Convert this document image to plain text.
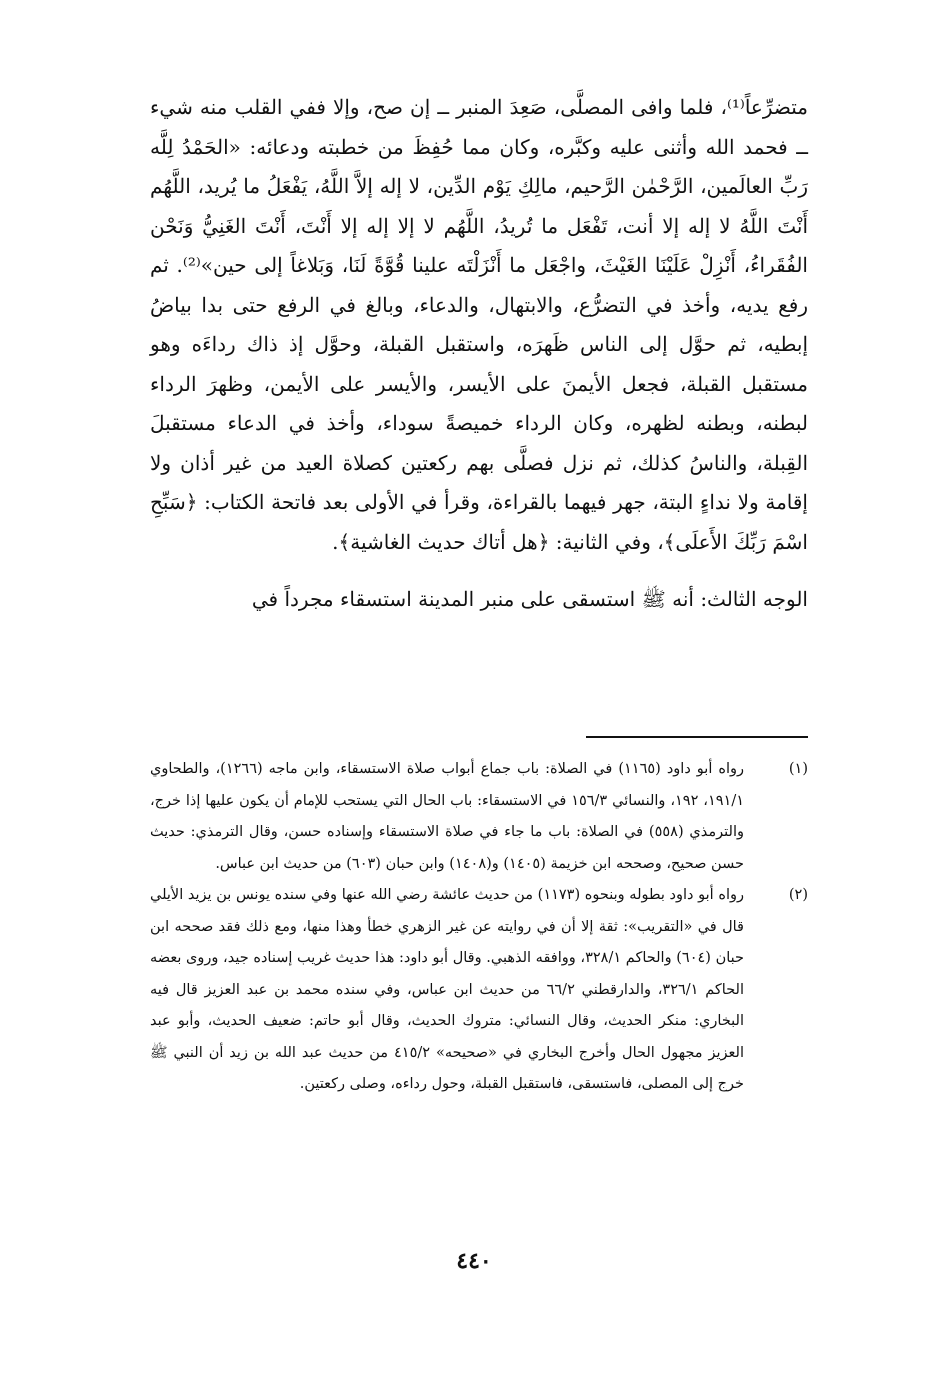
متضرِّعاً⁽¹⁾، فلما وافى المصلَّى، صَعِدَ المنبر ــ إن صح، وإلا ففي القلب منه شيء ــ فحمد الله وأثنى عليه وكبَّره، وكان مما حُفِظَ من خطبته ودعائه: «الحَمْدُ لِلَّه رَبِّ العالَمين، الرَّحْمٰن الرَّحيم، مالِكِ يَوْم الدِّين، لا إله إلاَّ اللَّهُ، يَفْعَلُ ما يُريد، اللَّهُم أَنْتَ اللَّهُ لا إله إلا أنت، تَفْعَل ما تُريدُ، اللَّهُم لا إلا إله إلا أَنْتَ، أَنْتَ الغَنِيُّ وَنَحْن الفُقَراءُ، أَنْزِلْ عَلَيْنَا الغَيْثَ، واجْعَل ما أَنْزَلْتَه علينا قُوَّةً لَنَا، وَبَلاغاً إلى حين»⁽²⁾. ثم رفع يديه، وأخذ في التضرُّع، والابتهال، والدعاء، وبالغ في الرفع حتى بدا بياضُ إبطيه، ثم حوَّل إلى الناس ظَهرَه، واستقبل القبلة، وحوَّل إذ ذاك رداءَه وهو مستقبل القبلة، فجعل الأيمنَ على الأيسر، والأيسر على الأيمن، وظهرَ الرداء لبطنه، وبطنه لظهره، وكان الرداء خميصةً سوداء، وأخذ في الدعاء مستقبلَ القِبلة، والناسُ كذلك، ثم نزل فصلَّى بهم ركعتين كصلاة العيد من غير أذان ولا إقامة ولا نداءٍ البتة، جهر فيهما بالقراءة، وقرأ في الأولى بعد فاتحة الكتاب: ﴿سَبِّحِ اسْمَ رَبِّكَ الأَعلَى﴾، وفي الثانية: ﴿هل أتاك حديث الغاشية﴾.

الوجه الثالث: أنه ﷺ استسقى على منبر المدينة استسقاء مجرداً في

(١)
رواه أبو داود (١١٦٥) في الصلاة: باب جماع أبواب صلاة الاستسقاء، وابن ماجه (١٢٦٦)، والطحاوي ١٩١/١، ١٩٢، والنسائي ١٥٦/٣ في الاستسقاء: باب الحال التي يستحب للإمام أن يكون عليها إذا خرج، والترمذي (٥٥٨) في الصلاة: باب ما جاء في صلاة الاستسقاء وإسناده حسن، وقال الترمذي: حديث حسن صحيح، وصححه ابن خزيمة (١٤٠٥) و(١٤٠٨) وابن حبان (٦٠٣) من حديث ابن عباس.
(٢)
رواه أبو داود بطوله وبنحوه (١١٧٣) من حديث عائشة رضي الله عنها وفي سنده يونس بن يزيد الأيلي قال في «التقريب»: ثقة إلا أن في روايته عن غير الزهري خطأ وهذا منها، ومع ذلك فقد صححه ابن حبان (٦٠٤) والحاكم ٣٢٨/١، ووافقه الذهبي. وقال أبو داود: هذا حديث غريب إسناده جيد، وروى بعضه الحاكم ٣٢٦/١، والدارقطني ٦٦/٢ من حديث ابن عباس، وفي سنده محمد بن عبد العزيز قال فيه البخاري: منكر الحديث، وقال النسائي: متروك الحديث، وقال أبو حاتم: ضعيف الحديث، وأبو عبد العزيز مجهول الحال وأخرج البخاري في «صحيحه» ٤١٥/٢ من حديث عبد الله بن زيد أن النبي ﷺ خرج إلى المصلى، فاستسقى، فاستقبل القبلة، وحول رداءه، وصلى ركعتين.
٤٤٠
